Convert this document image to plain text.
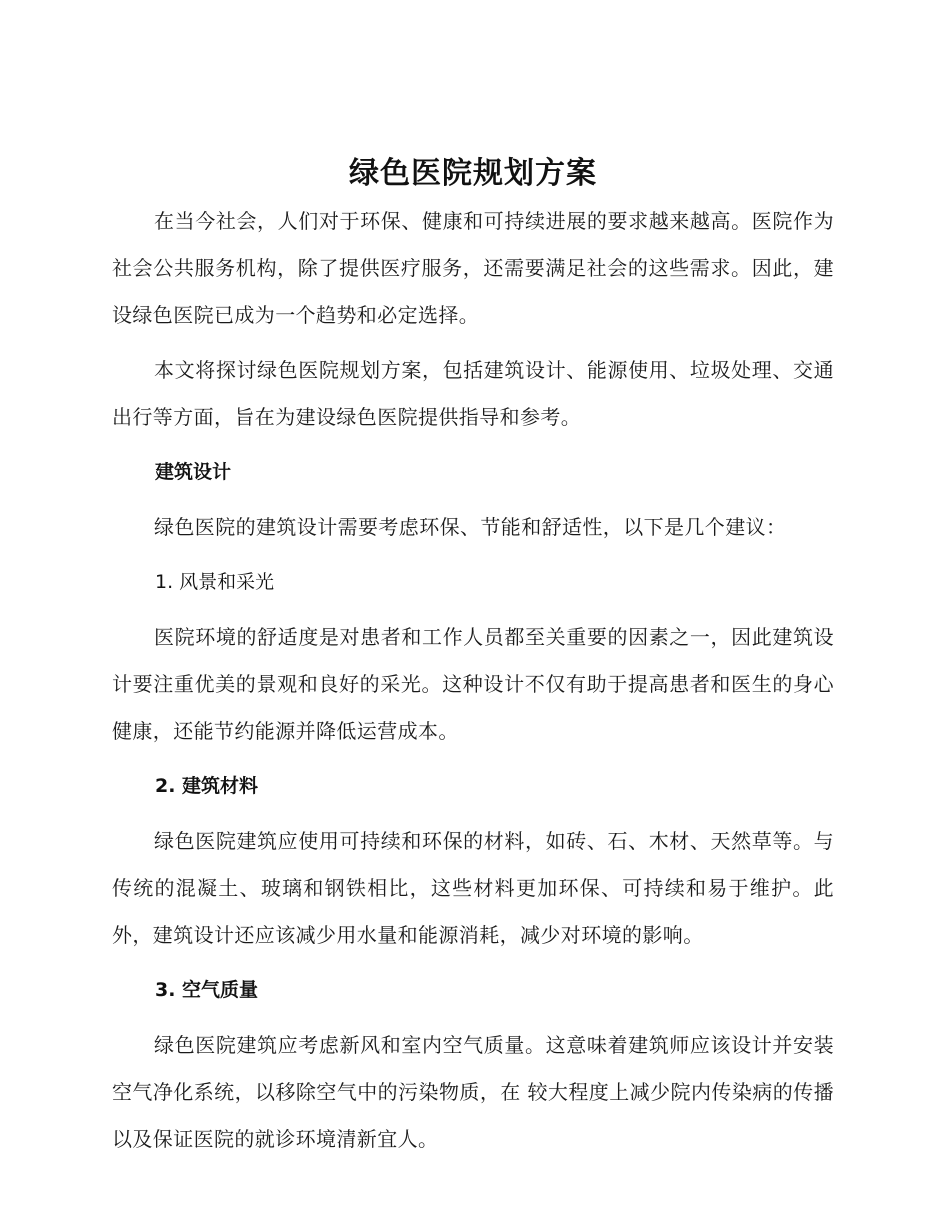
绿色医院规划方案

在当今社会，人们对于环保、健康和可持续进展的要求越来越高。医院作为社会公共服务机构，除了提供医疗服务，还需要满足社会的这些需求。因此，建设绿色医院已成为一个趋势和必定选择。

本文将探讨绿色医院规划方案，包括建筑设计、能源使用、垃圾处理、交通出行等方面，旨在为建设绿色医院提供指导和参考。

建筑设计

绿色医院的建筑设计需要考虑环保、节能和舒适性，以下是几个建议：

1. 风景和采光

医院环境的舒适度是对患者和工作人员都至关重要的因素之一，因此建筑设计要注重优美的景观和良好的采光。这种设计不仅有助于提高患者和医生的身心健康，还能节约能源并降低运营成本。

2. 建筑材料

绿色医院建筑应使用可持续和环保的材料，如砖、石、木材、天然草等。与传统的混凝土、玻璃和钢铁相比，这些材料更加环保、可持续和易于维护。此外，建筑设计还应该减少用水量和能源消耗，减少对环境的影响。

3. 空气质量

绿色医院建筑应考虑新风和室内空气质量。这意味着建筑师应该设计并安装空气净化系统，以移除空气中的污染物质，在 较大程度上减少院内传染病的传播以及保证医院的就诊环境清新宜人。
